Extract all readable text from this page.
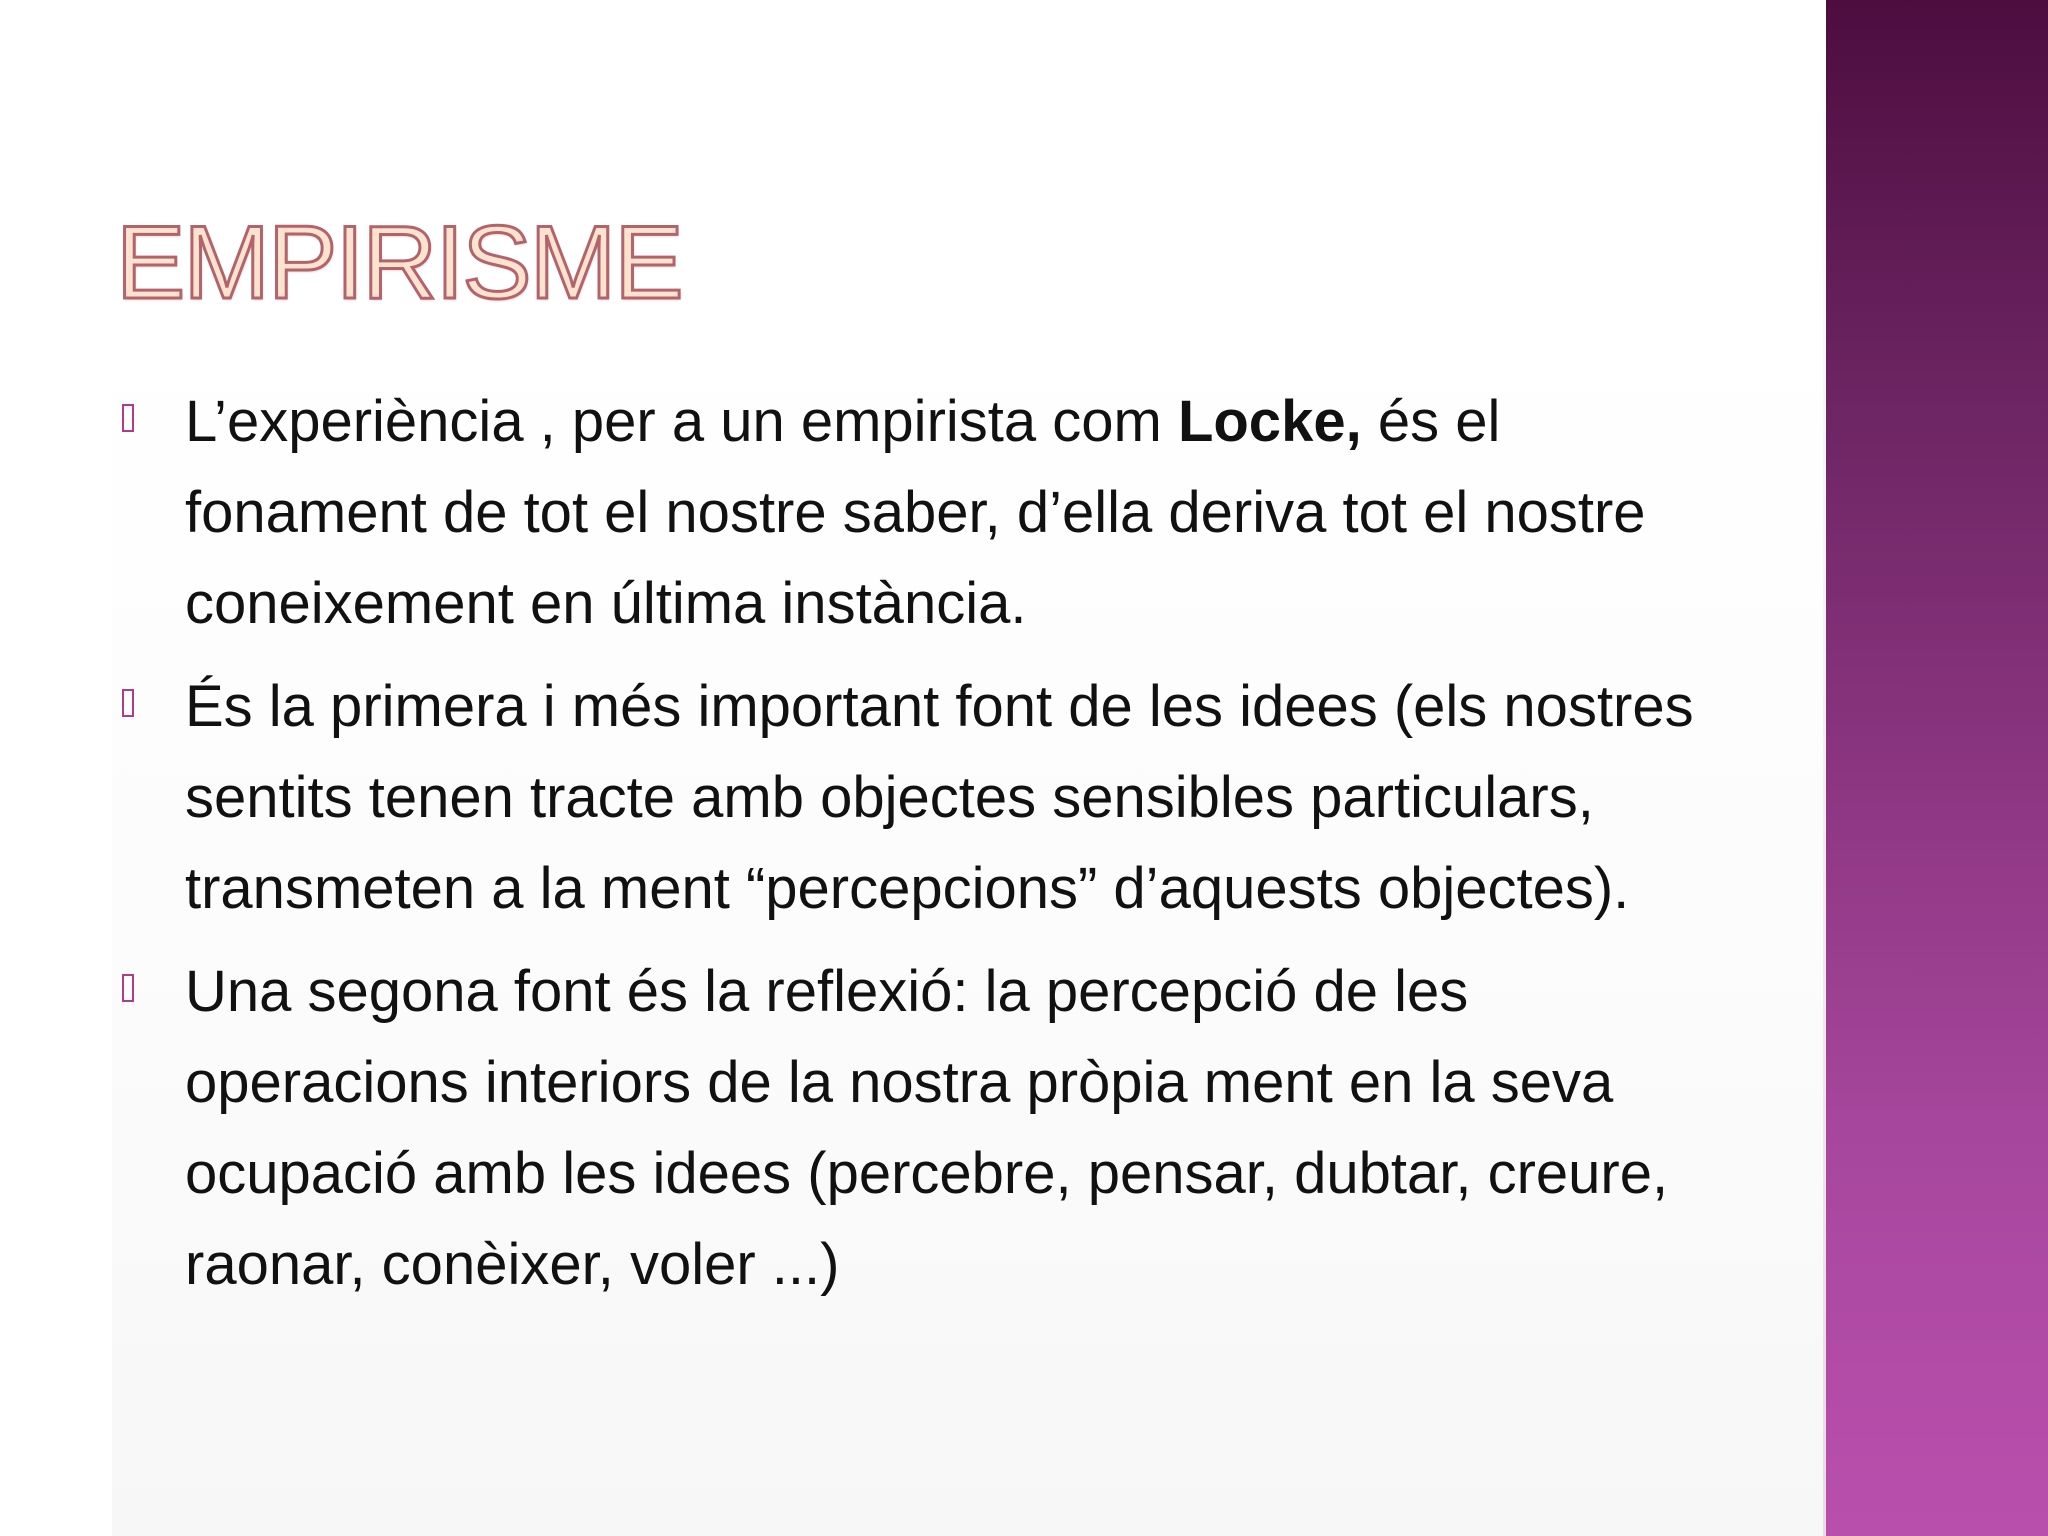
EMPIRISME
L’experiència , per a un empirista com Locke, és el fonament de tot el nostre saber, d’ella deriva tot el nostre coneixement en última instància.
És la primera i més important font de les idees (els nostres sentits tenen tracte amb objectes sensibles particulars, transmeten a la ment “percepcions” d’aquests objectes).
Una segona font és la reflexió: la percepció de les operacions interiors de la nostra pròpia ment en la seva ocupació amb les idees (percebre, pensar, dubtar, creure, raonar, conèixer, voler ...)
